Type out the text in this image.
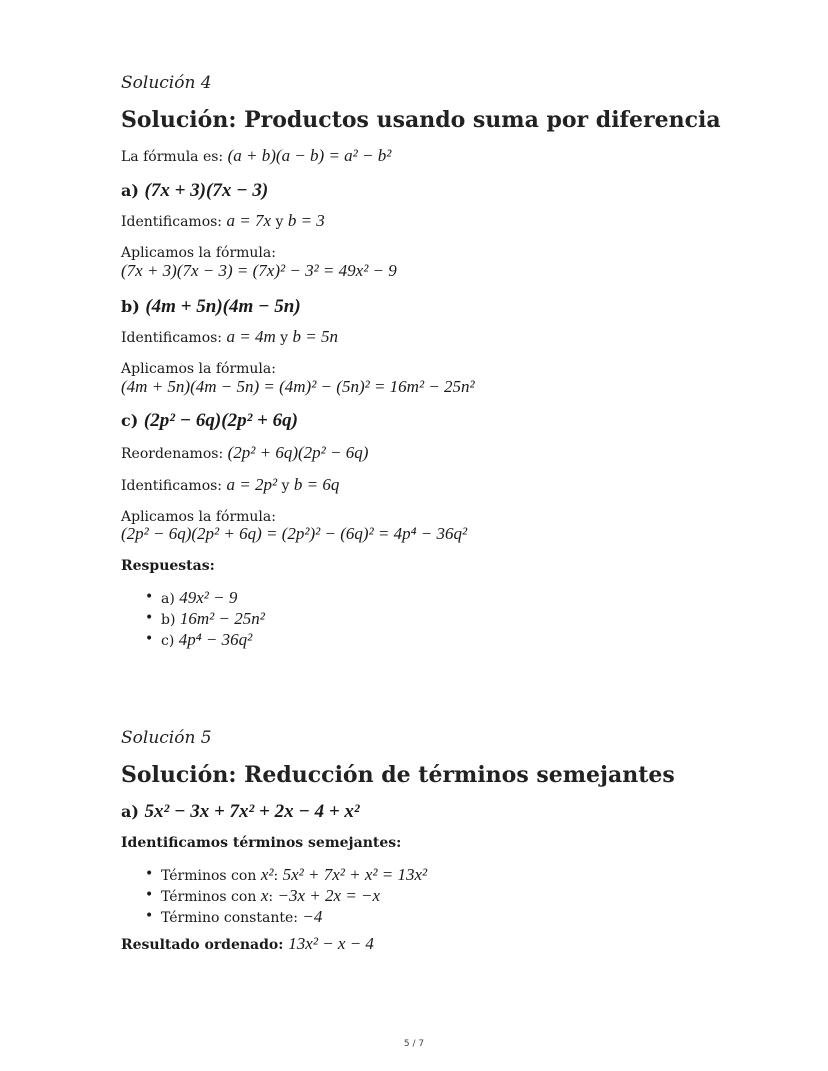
Solución 4
Solución: Productos usando suma por diferencia
La fórmula es: (a + b)(a − b) = a² − b²
a) (7x + 3)(7x − 3)
Identificamos: a = 7x y b = 3
Aplicamos la fórmula:
(7x + 3)(7x − 3) = (7x)² − 3² = 49x² − 9
b) (4m + 5n)(4m − 5n)
Identificamos: a = 4m y b = 5n
Aplicamos la fórmula:
(4m + 5n)(4m − 5n) = (4m)² − (5n)² = 16m² − 25n²
c) (2p² − 6q)(2p² + 6q)
Reordenamos: (2p² + 6q)(2p² − 6q)
Identificamos: a = 2p² y b = 6q
Aplicamos la fórmula:
(2p² − 6q)(2p² + 6q) = (2p²)² − (6q)² = 4p⁴ − 36q²
Respuestas:
• a) 49x² − 9
• b) 16m² − 25n²
• c) 4p⁴ − 36q²
Solución 5
Solución: Reducción de términos semejantes
a) 5x² − 3x + 7x² + 2x − 4 + x²
Identificamos términos semejantes:
• Términos con x²: 5x² + 7x² + x² = 13x²
• Términos con x: −3x + 2x = −x
• Término constante: −4
Resultado ordenado: 13x² − x − 4
5 / 7
